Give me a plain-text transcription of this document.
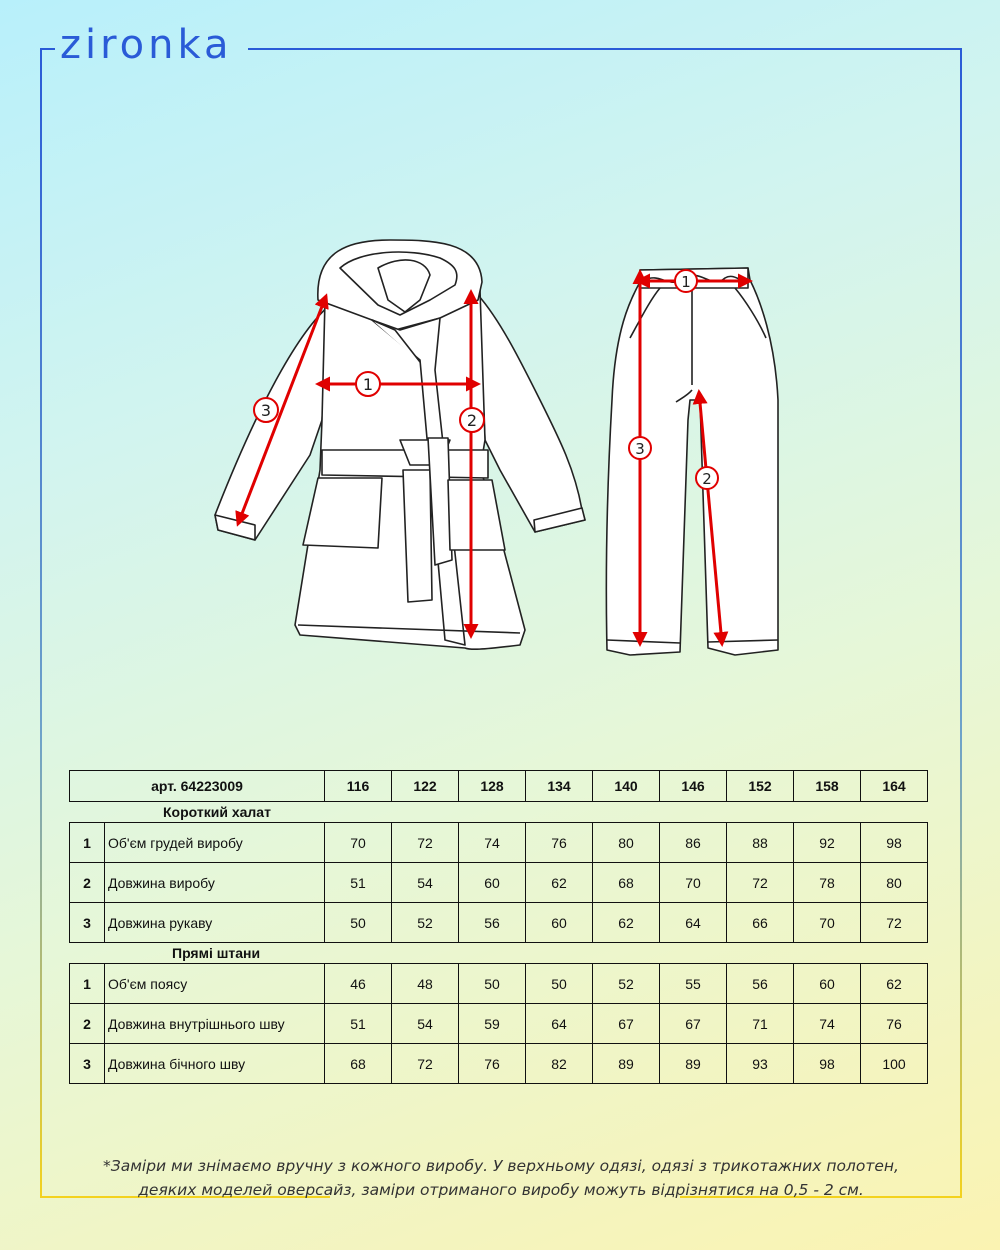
zironka
1
2
3
1
2
3
арт. 64223009	116	122	128	134	140	146	152	158	164
Короткий халат
1	Об'єм грудей виробу	70	72	74	76	80	86	88	92	98
2	Довжина виробу	51	54	60	62	68	70	72	78	80
3	Довжина рукаву	50	52	56	60	62	64	66	70	72
Прямі штани
1	Об'єм поясу	46	48	50	50	52	55	56	60	62
2	Довжина внутрішнього шву	51	54	59	64	67	67	71	74	76
3	Довжина бічного шву	68	72	76	82	89	89	93	98	100
*Заміри ми знімаємо вручну з кожного виробу. У верхньому одязі, одязі з трикотажних полотен,
деяких моделей оверсайз, заміри отриманого виробу можуть відрізнятися на 0,5 - 2 см.
